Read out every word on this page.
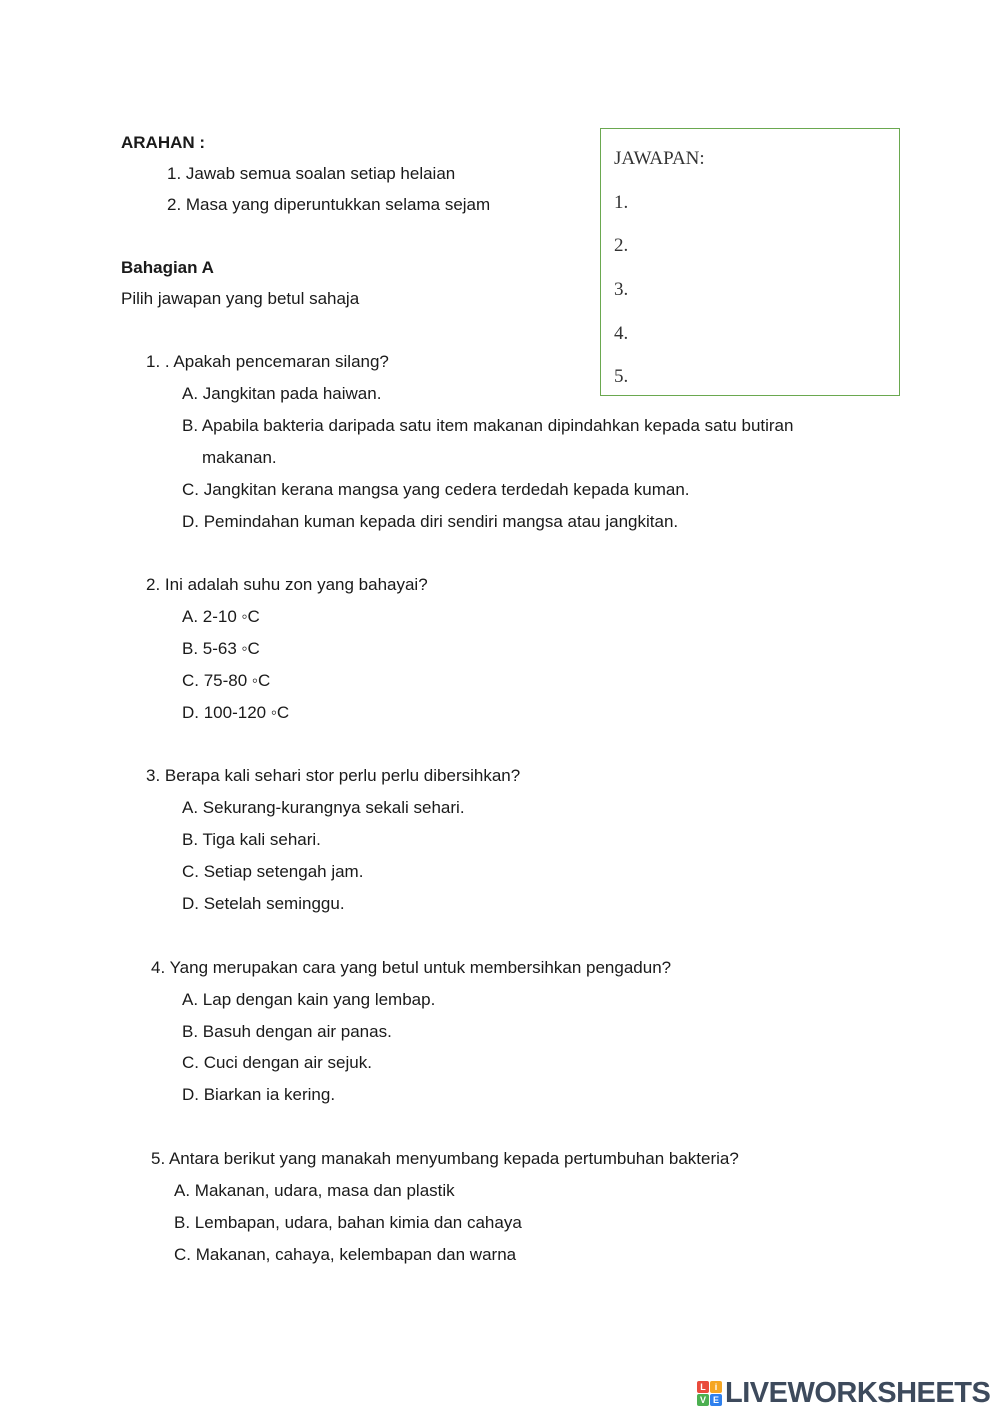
ARAHAN :
1. Jawab semua soalan setiap helaian
2. Masa yang diperuntukkan selama sejam
Bahagian A
Pilih jawapan yang betul sahaja
JAWAPAN:
1.
2.
3.
4.
5.
1. . Apakah pencemaran silang?
A. Jangkitan pada haiwan.
B. Apabila bakteria daripada satu item makanan dipindahkan kepada satu butiran
makanan.
C. Jangkitan kerana mangsa yang cedera terdedah kepada kuman.
D. Pemindahan kuman kepada diri sendiri mangsa atau jangkitan.
2. Ini adalah suhu zon yang bahayai?
A. 2-10 ◦C
B. 5-63 ◦C
C. 75-80 ◦C
D. 100-120 ◦C
3. Berapa kali sehari stor perlu perlu dibersihkan?
A. Sekurang-kurangnya sekali sehari.
B. Tiga kali sehari.
C. Setiap setengah jam.
D. Setelah seminggu.
4. Yang merupakan cara yang betul untuk membersihkan pengadun?
A. Lap dengan kain yang lembap.
B. Basuh dengan air panas.
C. Cuci dengan air sejuk.
D. Biarkan ia kering.
5. Antara berikut yang manakah menyumbang kepada pertumbuhan bakteria?
A. Makanan, udara, masa dan plastik
B. Lembapan, udara, bahan kimia dan cahaya
C. Makanan, cahaya, kelembapan dan warna
L i
V E LIVEWORKSHEETS
